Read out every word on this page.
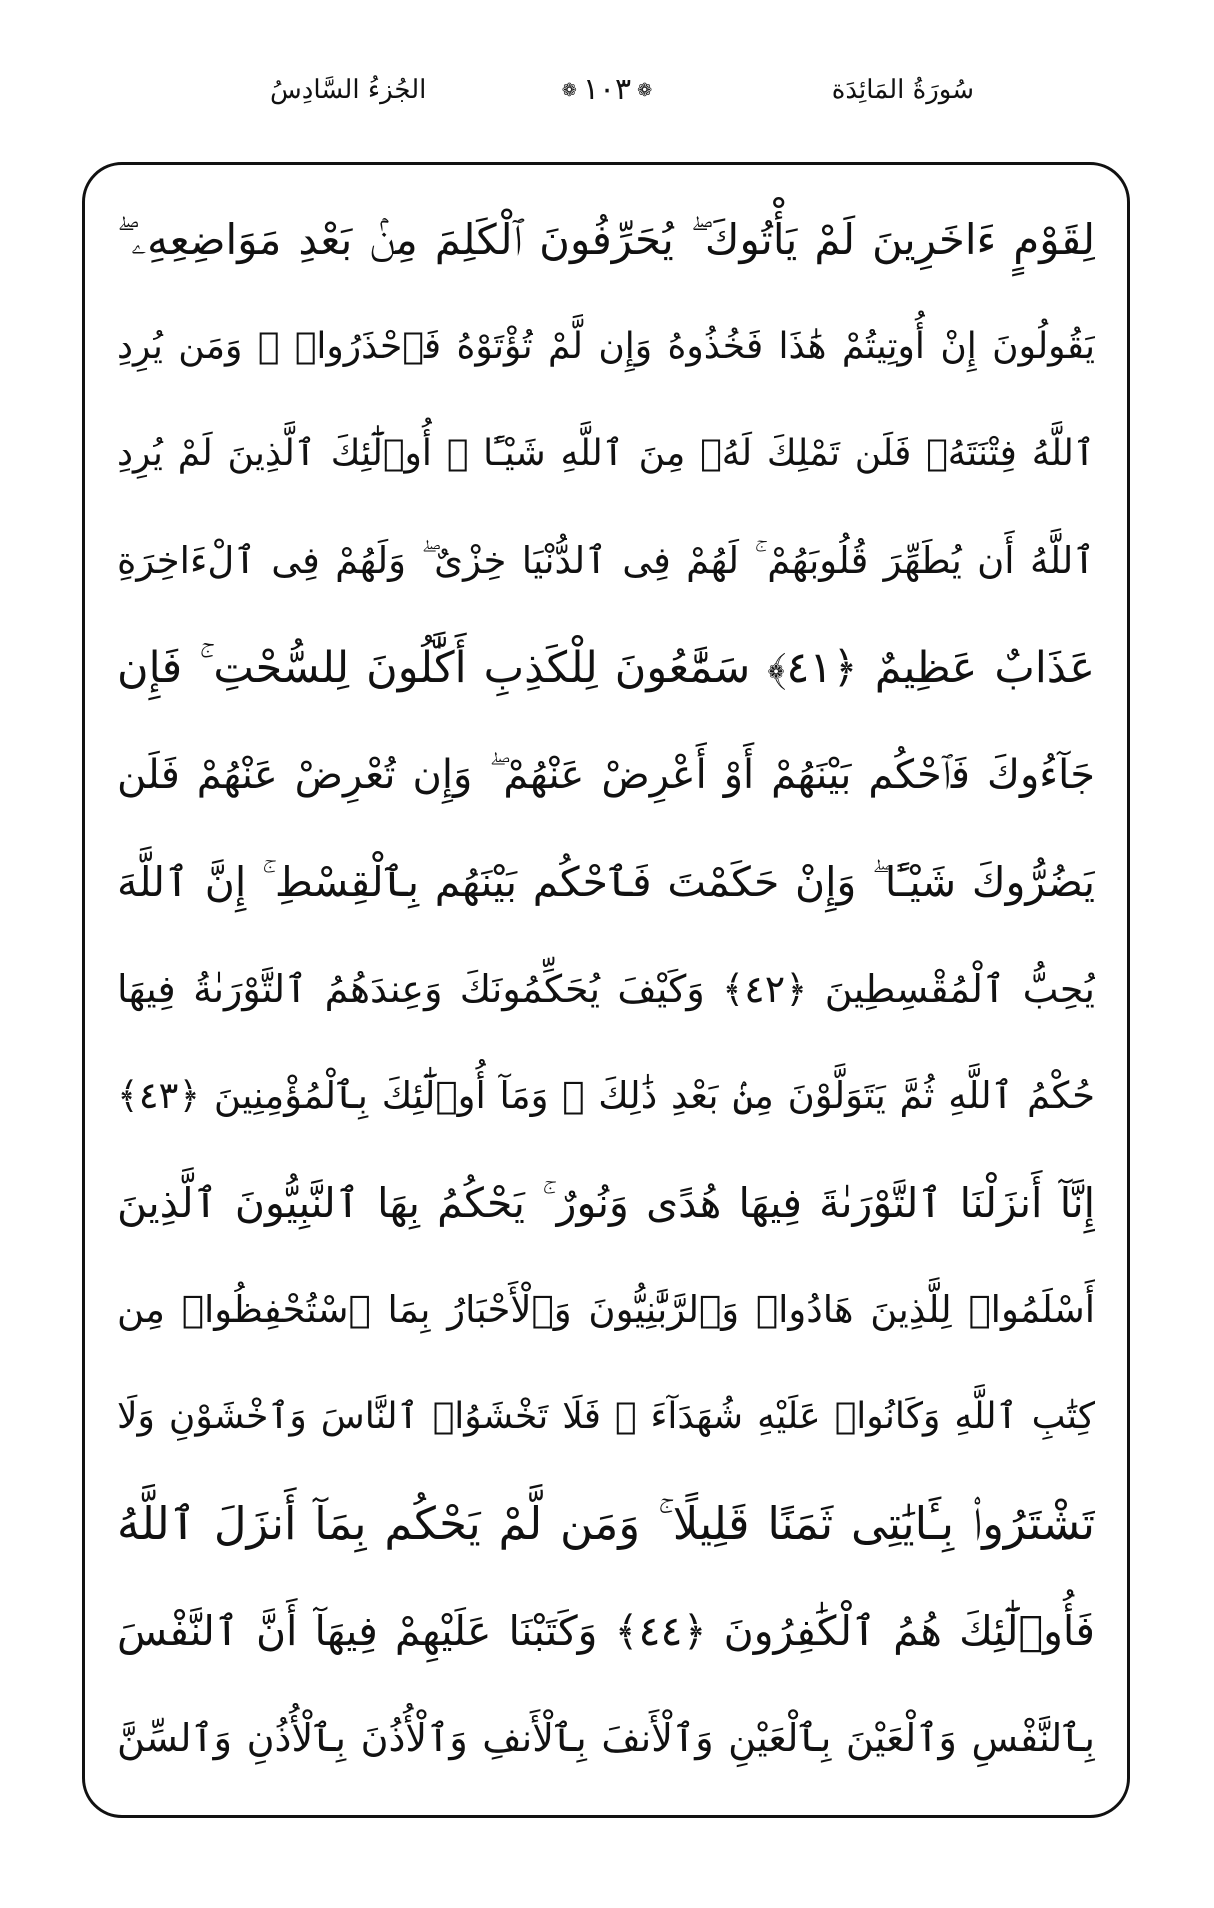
سُورَةُ المَائِدَة
❁١٠٣❁
الجُزءُ السَّادِسُ
لِقَوْمٍ ءَاخَرِينَ لَمْ يَأْتُوكَ ۖ يُحَرِّفُونَ ٱلْكَلِمَ مِنۢ بَعْدِ مَوَاضِعِهِۦ ۖ
يَقُولُونَ إِنْ أُوتِيتُمْ هَٰذَا فَخُذُوهُ وَإِن لَّمْ تُؤْتَوْهُ فَٱحْذَرُوا۟ ۚ وَمَن يُرِدِ
ٱللَّهُ فِتْنَتَهُۥ فَلَن تَمْلِكَ لَهُۥ مِنَ ٱللَّهِ شَيْـًٔا ۚ أُو۟لَٰٓئِكَ ٱلَّذِينَ لَمْ يُرِدِ
ٱللَّهُ أَن يُطَهِّرَ قُلُوبَهُمْ ۚ لَهُمْ فِى ٱلدُّنْيَا خِزْىٌ ۖ وَلَهُمْ فِى ٱلْءَاخِرَةِ
عَذَابٌ عَظِيمٌ ﴿٤١﴾ سَمَّٰعُونَ لِلْكَذِبِ أَكَّٰلُونَ لِلسُّحْتِ ۚ فَإِن
جَآءُوكَ فَٱحْكُم بَيْنَهُمْ أَوْ أَعْرِضْ عَنْهُمْ ۖ وَإِن تُعْرِضْ عَنْهُمْ فَلَن
يَضُرُّوكَ شَيْـًٔا ۖ وَإِنْ حَكَمْتَ فَٱحْكُم بَيْنَهُم بِٱلْقِسْطِ ۚ إِنَّ ٱللَّهَ
يُحِبُّ ٱلْمُقْسِطِينَ ﴿٤٢﴾ وَكَيْفَ يُحَكِّمُونَكَ وَعِندَهُمُ ٱلتَّوْرَىٰةُ فِيهَا
حُكْمُ ٱللَّهِ ثُمَّ يَتَوَلَّوْنَ مِنۢ بَعْدِ ذَٰلِكَ ۚ وَمَآ أُو۟لَٰٓئِكَ بِٱلْمُؤْمِنِينَ ﴿٤٣﴾
إِنَّآ أَنزَلْنَا ٱلتَّوْرَىٰةَ فِيهَا هُدًى وَنُورٌ ۚ يَحْكُمُ بِهَا ٱلنَّبِيُّونَ ٱلَّذِينَ
أَسْلَمُوا۟ لِلَّذِينَ هَادُوا۟ وَٱلرَّبَّٰنِيُّونَ وَٱلْأَحْبَارُ بِمَا ٱسْتُحْفِظُوا۟ مِن
كِتَٰبِ ٱللَّهِ وَكَانُوا۟ عَلَيْهِ شُهَدَآءَ ۚ فَلَا تَخْشَوُا۟ ٱلنَّاسَ وَٱخْشَوْنِ وَلَا
تَشْتَرُوا۟ بِـَٔايَٰتِى ثَمَنًا قَلِيلًا ۚ وَمَن لَّمْ يَحْكُم بِمَآ أَنزَلَ ٱللَّهُ
فَأُو۟لَٰٓئِكَ هُمُ ٱلْكَٰفِرُونَ ﴿٤٤﴾ وَكَتَبْنَا عَلَيْهِمْ فِيهَآ أَنَّ ٱلنَّفْسَ
بِٱلنَّفْسِ وَٱلْعَيْنَ بِٱلْعَيْنِ وَٱلْأَنفَ بِٱلْأَنفِ وَٱلْأُذُنَ بِٱلْأُذُنِ وَٱلسِّنَّ
